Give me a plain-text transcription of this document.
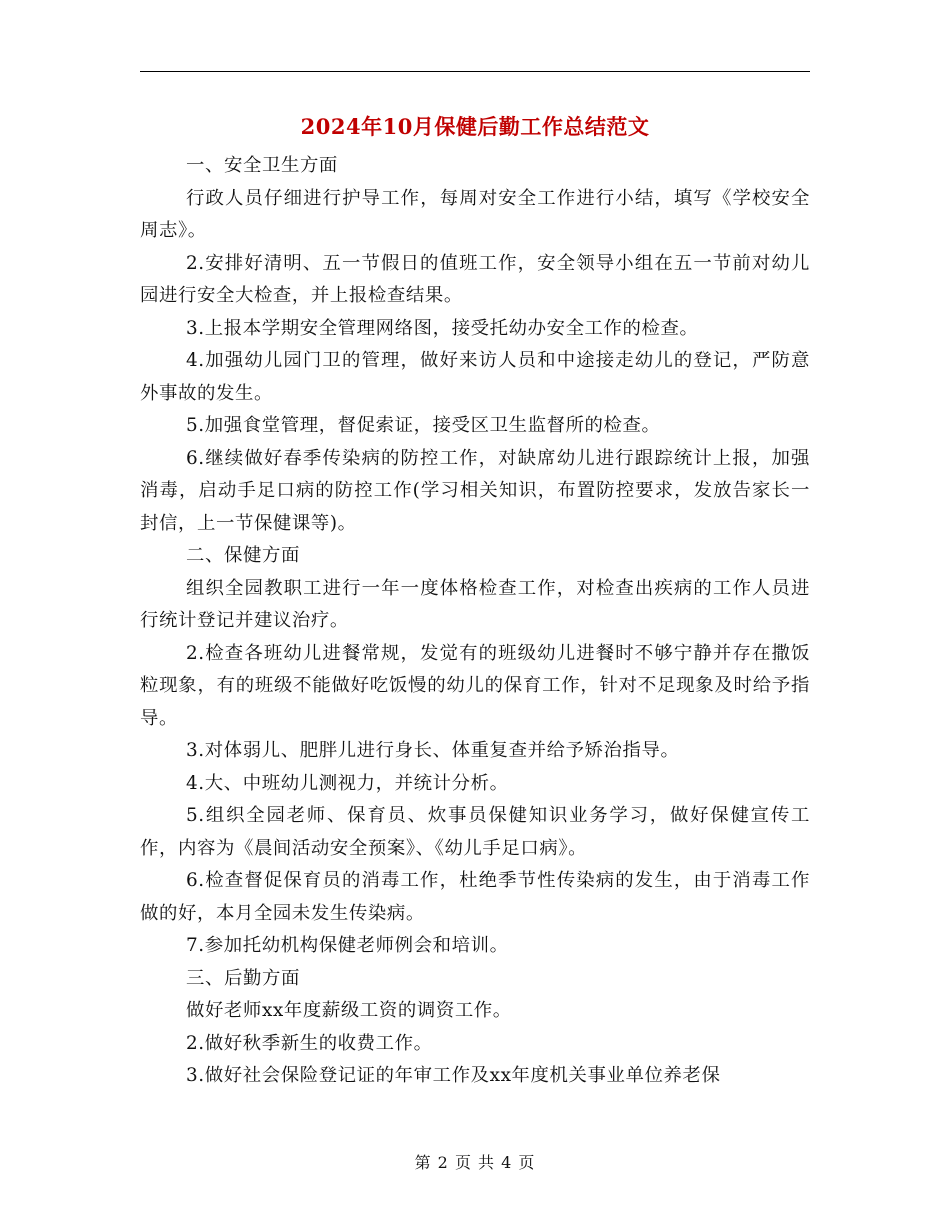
2024年10月保健后勤工作总结范文

一、安全卫生方面

行政人员仔细进行护导工作，每周对安全工作进行小结，填写《学校安全周志》。

2.安排好清明、五一节假日的值班工作，安全领导小组在五一节前对幼儿园进行安全大检查，并上报检查结果。

3.上报本学期安全管理网络图，接受托幼办安全工作的检查。

4.加强幼儿园门卫的管理，做好来访人员和中途接走幼儿的登记，严防意外事故的发生。

5.加强食堂管理，督促索证，接受区卫生监督所的检查。

6.继续做好春季传染病的防控工作，对缺席幼儿进行跟踪统计上报，加强消毒，启动手足口病的防控工作(学习相关知识，布置防控要求，发放告家长一封信，上一节保健课等)。

二、保健方面

组织全园教职工进行一年一度体格检查工作，对检查出疾病的工作人员进行统计登记并建议治疗。

2.检查各班幼儿进餐常规，发觉有的班级幼儿进餐时不够宁静并存在撒饭粒现象，有的班级不能做好吃饭慢的幼儿的保育工作，针对不足现象及时给予指导。

3.对体弱儿、肥胖儿进行身长、体重复查并给予矫治指导。

4.大、中班幼儿测视力，并统计分析。

5.组织全园老师、保育员、炊事员保健知识业务学习，做好保健宣传工作，内容为《晨间活动安全预案》、《幼儿手足口病》。

6.检查督促保育员的消毒工作，杜绝季节性传染病的发生，由于消毒工作做的好，本月全园未发生传染病。

7.参加托幼机构保健老师例会和培训。

三、后勤方面

做好老师xx年度薪级工资的调资工作。

2.做好秋季新生的收费工作。

3.做好社会保险登记证的年审工作及xx年度机关事业单位养老保

第 2 页 共 4 页
